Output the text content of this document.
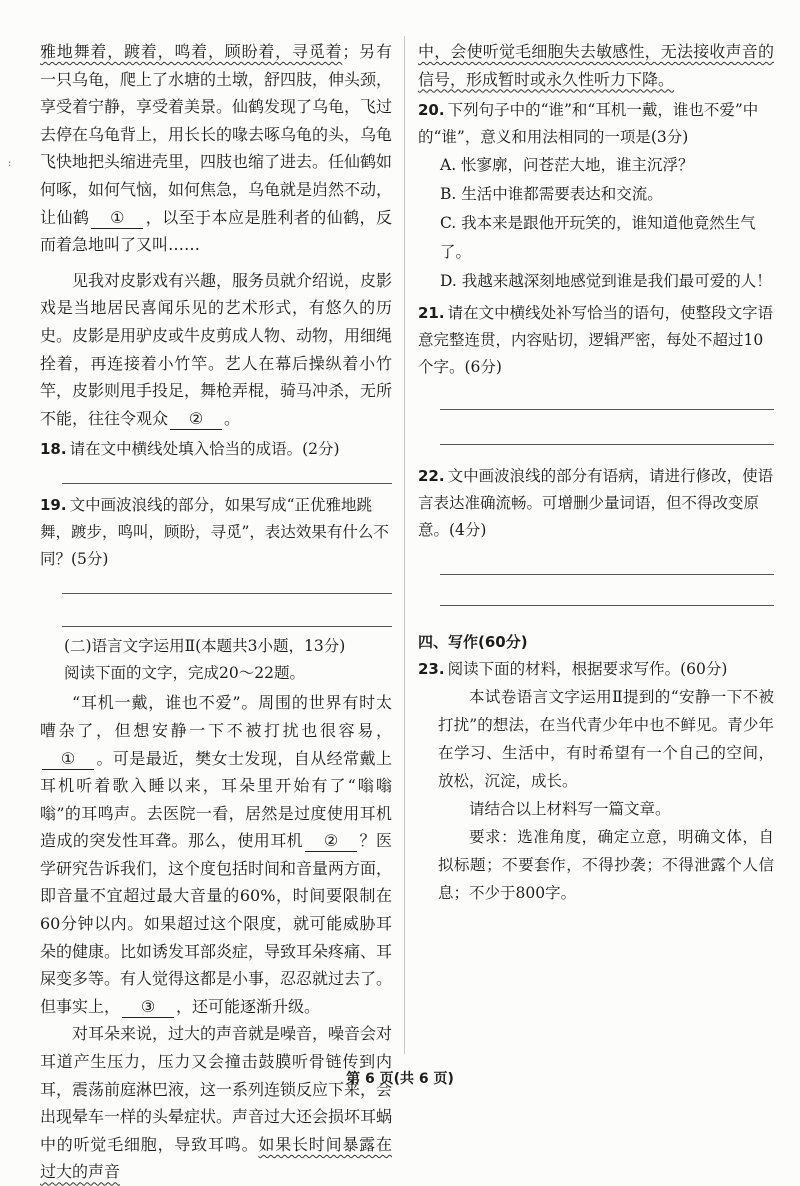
:
雅地舞着，踱着，鸣着，顾盼着，寻觅着；另有一只乌龟，爬上了水塘的土墩，舒四肢，伸头颈，享受着宁静，享受着美景。仙鹤发现了乌龟，飞过去停在乌龟背上，用长长的喙去啄乌龟的头，乌龟飞快地把头缩进壳里，四肢也缩了进去。任仙鹤如何啄，如何气恼，如何焦急，乌龟就是岿然不动，让仙鹤 ① ，以至于本应是胜利者的仙鹤，反而着急地叫了又叫……
见我对皮影戏有兴趣，服务员就介绍说，皮影戏是当地居民喜闻乐见的艺术形式，有悠久的历史。皮影是用驴皮或牛皮剪成人物、动物，用细绳拴着，再连接着小竹竿。艺人在幕后操纵着小竹竿，皮影则甩手投足，舞枪弄棍，骑马冲杀，无所不能，往往令观众 ② 。
18. 请在文中横线处填入恰当的成语。(2分)
19. 文中画波浪线的部分，如果写成“正优雅地跳舞，踱步，鸣叫，顾盼，寻觅”，表达效果有什么不同？(5分)
(二)语言文字运用Ⅱ(本题共3小题，13分)
阅读下面的文字，完成20～22题。
“耳机一戴，谁也不爱”。周围的世界有时太嘈杂了，但想安静一下不被打扰也很容易，① 。可是最近，樊女士发现，自从经常戴上耳机听着歌入睡以来，耳朵里开始有了“嗡嗡嗡”的耳鸣声。去医院一看，居然是过度使用耳机造成的突发性耳聋。那么，使用耳机 ② ？医学研究告诉我们，这个度包括时间和音量两方面，即音量不宜超过最大音量的60%，时间要限制在60分钟以内。如果超过这个限度，就可能威胁耳朵的健康。比如诱发耳部炎症，导致耳朵疼痛、耳屎变多等。有人觉得这都是小事，忍忍就过去了。但事实上， ③ ，还可能逐渐升级。
对耳朵来说，过大的声音就是噪音，噪音会对耳道产生压力，压力又会撞击鼓膜听骨链传到内耳，震荡前庭淋巴液，这一系列连锁反应下来，会出现晕车一样的头晕症状。声音过大还会损坏耳蜗中的听觉毛细胞，导致耳鸣。如果长时间暴露在过大的声音
中，会使听觉毛细胞失去敏感性，无法接收声音的信号，形成暂时或永久性听力下降。
20. 下列句子中的“谁”和“耳机一戴，谁也不爱”中的“谁”，意义和用法相同的一项是(3分)
A. 怅寥廓，问苍茫大地，谁主沉浮？
B. 生活中谁都需要表达和交流。
C. 我本来是跟他开玩笑的，谁知道他竟然生气了。
D. 我越来越深刻地感觉到谁是我们最可爱的人！
21. 请在文中横线处补写恰当的语句，使整段文字语意完整连贯，内容贴切，逻辑严密，每处不超过10个字。(6分)
22. 文中画波浪线的部分有语病，请进行修改，使语言表达准确流畅。可增删少量词语，但不得改变原意。(4分)
四、写作(60分)
23. 阅读下面的材料，根据要求写作。(60分)
本试卷语言文字运用Ⅱ提到的“安静一下不被打扰”的想法，在当代青少年中也不鲜见。青少年在学习、生活中，有时希望有一个自己的空间，放松，沉淀，成长。
请结合以上材料写一篇文章。
要求：选准角度，确定立意，明确文体，自拟标题；不要套作，不得抄袭；不得泄露个人信息；不少于800字。
第 6 页(共 6 页)
